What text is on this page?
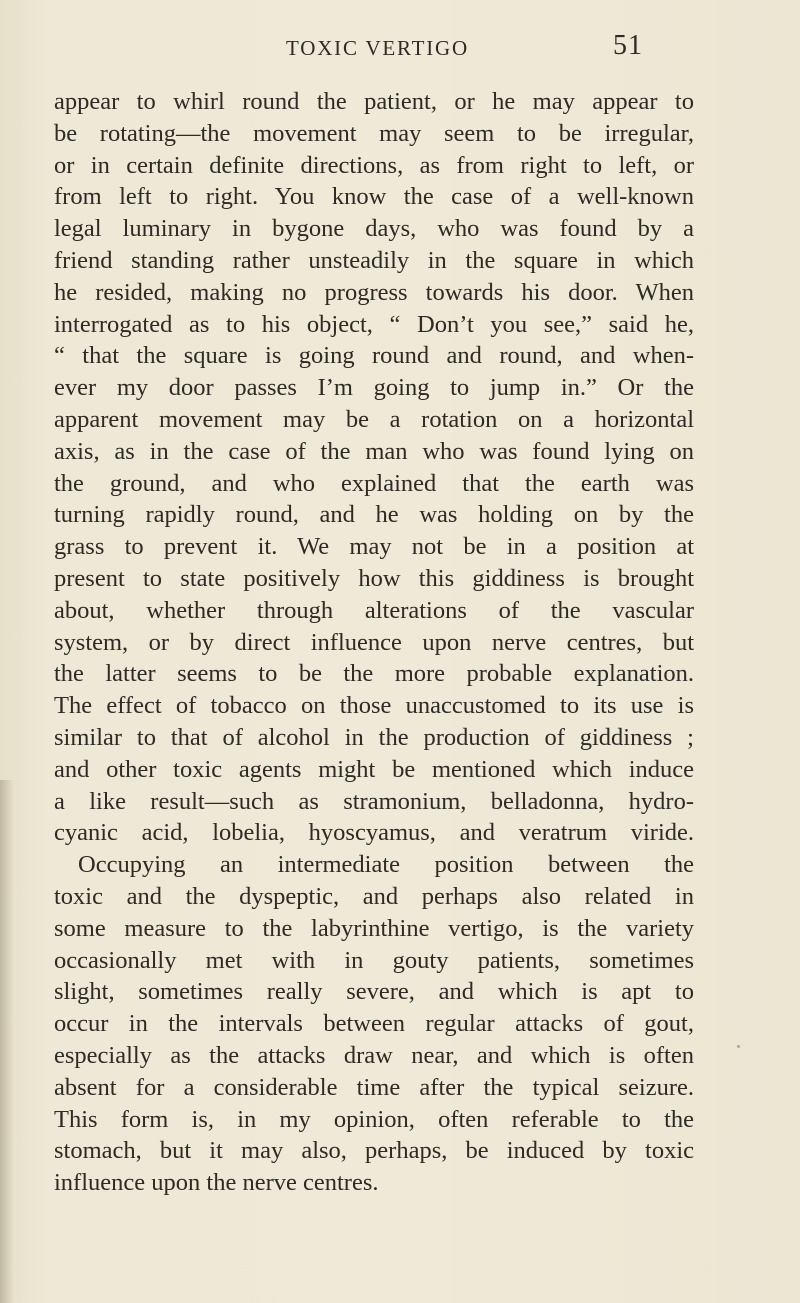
TOXIC VERTIGO	51
appear to whirl round the patient, or he may appear to
be rotating—the movement may seem to be irregular,
or in certain definite directions, as from right to left, or
from left to right. You know the case of a well-known
legal luminary in bygone days, who was found by a
friend standing rather unsteadily in the square in which
he resided, making no progress towards his door. When
interrogated as to his object, “ Don’t you see,” said he,
“ that the square is going round and round, and when-
ever my door passes I’m going to jump in.” Or the
apparent movement may be a rotation on a horizontal
axis, as in the case of the man who was found lying on
the ground, and who explained that the earth was
turning rapidly round, and he was holding on by the
grass to prevent it. We may not be in a position at
present to state positively how this giddiness is brought
about, whether through alterations of the vascular
system, or by direct influence upon nerve centres, but
the latter seems to be the more probable explanation.
The effect of tobacco on those unaccustomed to its use is
similar to that of alcohol in the production of giddiness ;
and other toxic agents might be mentioned which induce
a like result—such as stramonium, belladonna, hydro-
cyanic acid, lobelia, hyoscyamus, and veratrum viride.
Occupying an intermediate position between the
toxic and the dyspeptic, and perhaps also related in
some measure to the labyrinthine vertigo, is the variety
occasionally met with in gouty patients, sometimes
slight, sometimes really severe, and which is apt to
occur in the intervals between regular attacks of gout,
especially as the attacks draw near, and which is often
absent for a considerable time after the typical seizure.
This form is, in my opinion, often referable to the
stomach, but it may also, perhaps, be induced by toxic
influence upon the nerve centres.
